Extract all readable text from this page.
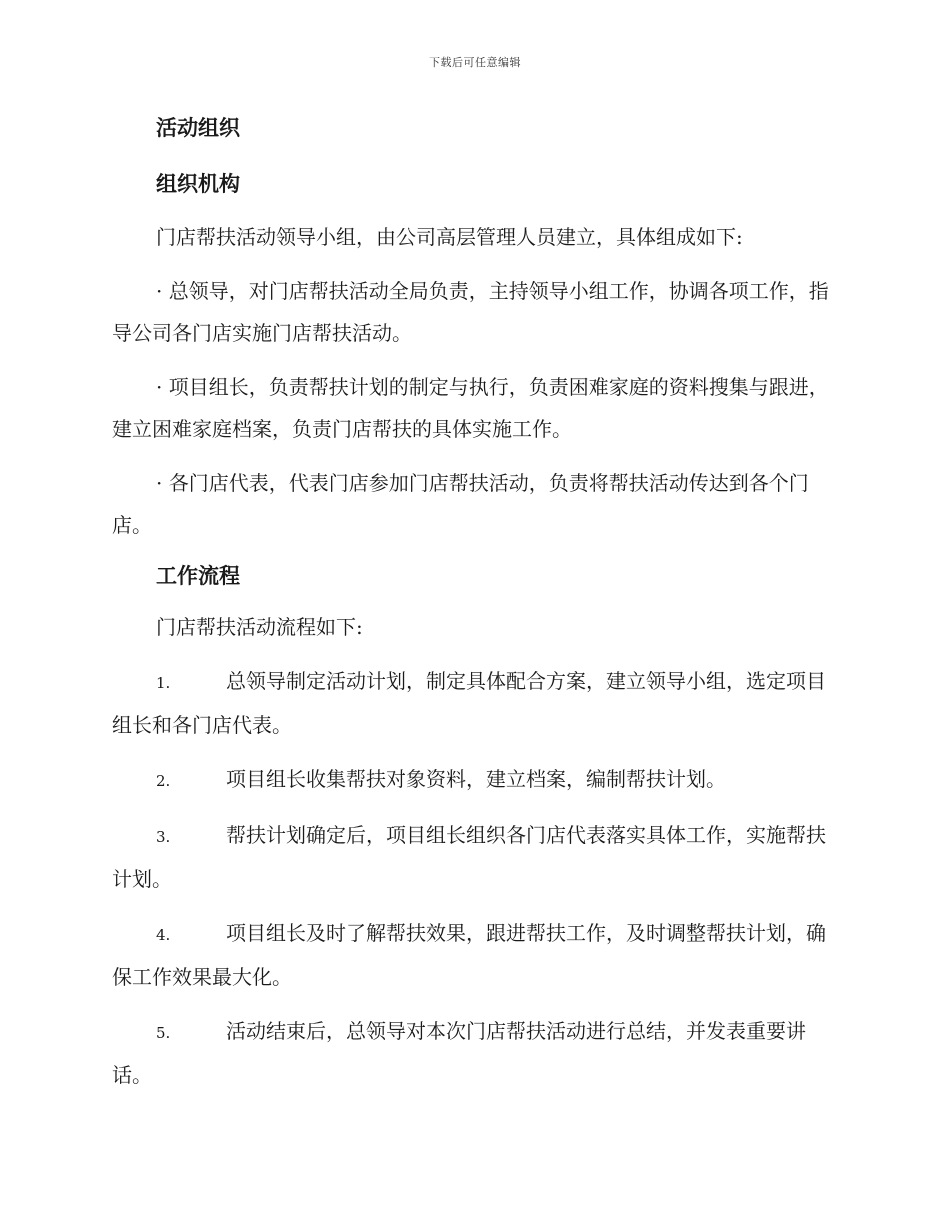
下载后可任意编辑
活动组织
组织机构

门店帮扶活动领导小组，由公司高层管理人员建立，具体组成如下:

· 总领导，对门店帮扶活动全局负责，主持领导小组工作，协调各项工作，指导公司各门店实施门店帮扶活动。

· 项目组长，负责帮扶计划的制定与执行，负责困难家庭的资料搜集与跟进，建立困难家庭档案，负责门店帮扶的具体实施工作。

· 各门店代表，代表门店参加门店帮扶活动，负责将帮扶活动传达到各个门店。

工作流程

门店帮扶活动流程如下:

1.	总领导制定活动计划，制定具体配合方案，建立领导小组，选定项目组长和各门店代表。

2.	项目组长收集帮扶对象资料，建立档案，编制帮扶计划。

3.	帮扶计划确定后，项目组长组织各门店代表落实具体工作，实施帮扶计划。

4.	项目组长及时了解帮扶效果，跟进帮扶工作，及时调整帮扶计划，确保工作效果最大化。

5.	活动结束后，总领导对本次门店帮扶活动进行总结，并发表重要讲话。
